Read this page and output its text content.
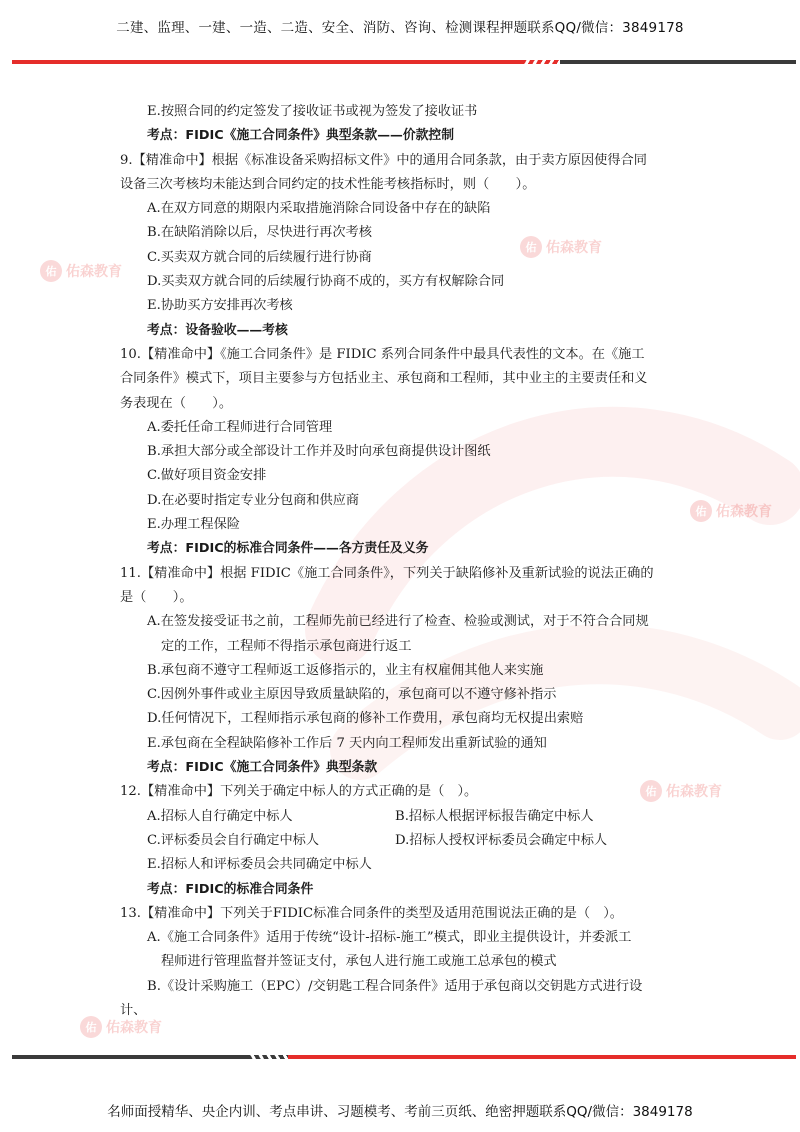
二建、监理、一建、一造、二造、安全、消防、咨询、检测课程押题联系QQ/微信：3849178
佑 佑森教育
佑 佑森教育
佑 佑森教育
佑 佑森教育
佑 佑森教育
E.按照合同的约定签发了接收证书或视为签发了接收证书
考点：FIDIC《施工合同条件》典型条款——价款控制
9.【精准命中】根据《标准设备采购招标文件》中的通用合同条款，由于卖方原因使得合同
设备三次考核均未能达到合同约定的技术性能考核指标时，则（　　）。
A.在双方同意的期限内采取措施消除合同设备中存在的缺陷
B.在缺陷消除以后，尽快进行再次考核
C.买卖双方就合同的后续履行进行协商
D.买卖双方就合同的后续履行协商不成的，买方有权解除合同
E.协助买方安排再次考核
考点：设备验收——考核
10.【精准命中】《施工合同条件》是 FIDIC 系列合同条件中最具代表性的文本。在《施工
合同条件》模式下，项目主要参与方包括业主、承包商和工程师，其中业主的主要责任和义
务表现在（　　）。
A.委托任命工程师进行合同管理
B.承担大部分或全部设计工作并及时向承包商提供设计图纸
C.做好项目资金安排
D.在必要时指定专业分包商和供应商
E.办理工程保险
考点：FIDIC的标准合同条件——各方责任及义务
11.【精准命中】根据 FIDIC《施工合同条件》，下列关于缺陷修补及重新试验的说法正确的
是（　　）。
A.在签发接受证书之前，工程师先前已经进行了检查、检验或测试，对于不符合合同规
定的工作，工程师不得指示承包商进行返工
B.承包商不遵守工程师返工返修指示的，业主有权雇佣其他人来实施
C.因例外事件或业主原因导致质量缺陷的，承包商可以不遵守修补指示
D.任何情况下，工程师指示承包商的修补工作费用，承包商均无权提出索赔
E.承包商在全程缺陷修补工作后 7 天内向工程师发出重新试验的通知
考点：FIDIC《施工合同条件》典型条款
12.【精准命中】下列关于确定中标人的方式正确的是（　）。
A.招标人自行确定中标人	B.招标人根据评标报告确定中标人
C.评标委员会自行确定中标人	D.招标人授权评标委员会确定中标人
E.招标人和评标委员会共同确定中标人
考点：FIDIC的标准合同条件
13.【精准命中】下列关于FIDIC标准合同条件的类型及适用范围说法正确的是（　）。
A.《施工合同条件》适用于传统“设计-招标-施工”模式，即业主提供设计，并委派工
程师进行管理监督并签证支付，承包人进行施工或施工总承包的模式
B.《设计采购施工（EPC）/交钥匙工程合同条件》适用于承包商以交钥匙方式进行设
计、
名师面授精华、央企内训、考点串讲、习题模考、考前三页纸、绝密押题联系QQ/微信：3849178
